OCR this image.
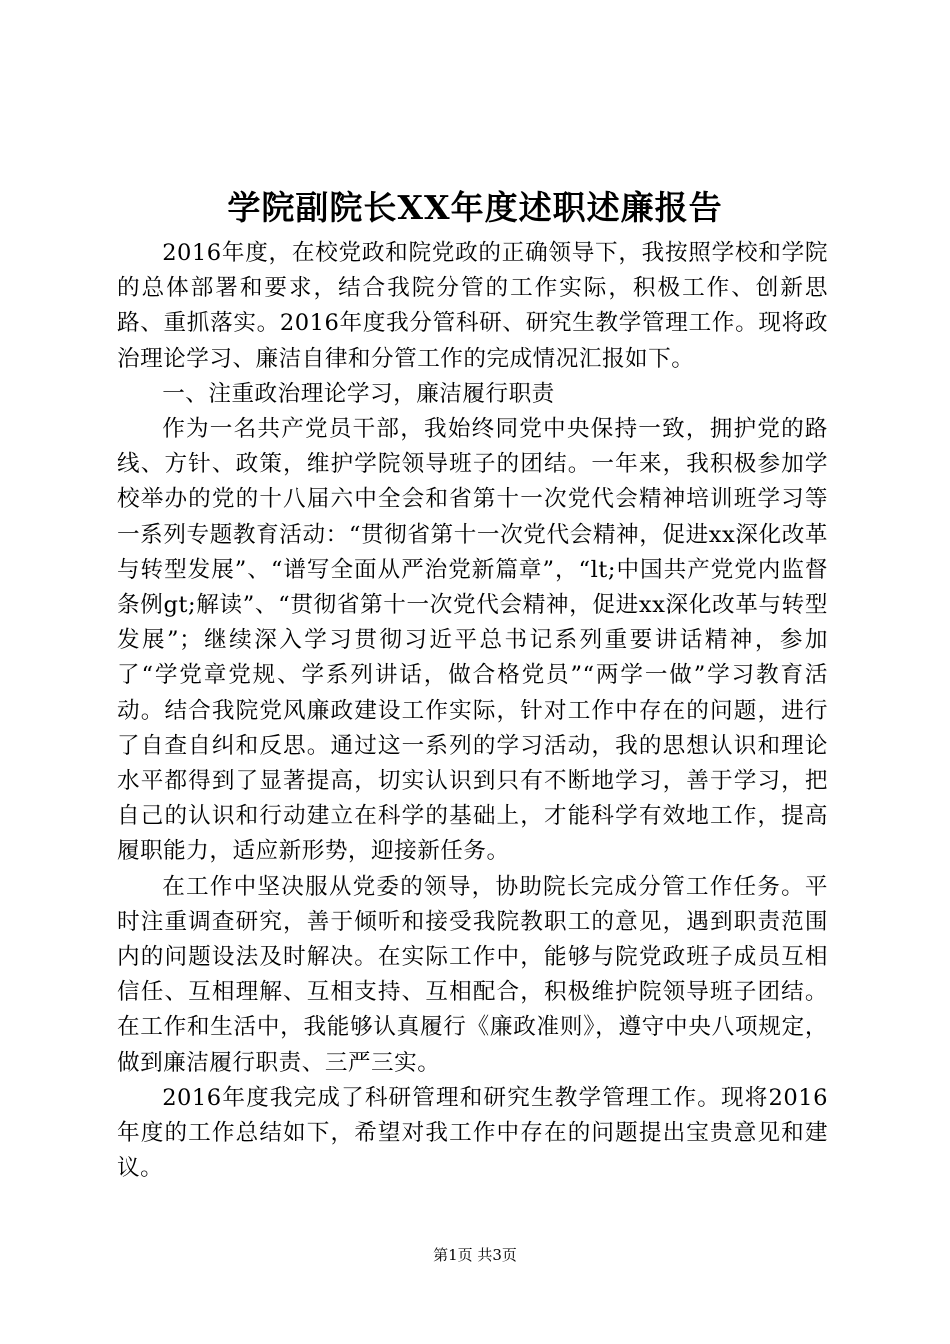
学院副院长XX年度述职述廉报告

2016年度，在校党政和院党政的正确领导下，我按照学校和学院的总体部署和要求，结合我院分管的工作实际，积极工作、创新思路、重抓落实。2016年度我分管科研、研究生教学管理工作。现将政治理论学习、廉洁自律和分管工作的完成情况汇报如下。

一、注重政治理论学习，廉洁履行职责

作为一名共产党员干部，我始终同党中央保持一致，拥护党的路线、方针、政策，维护学院领导班子的团结。一年来，我积极参加学校举办的党的十八届六中全会和省第十一次党代会精神培训班学习等一系列专题教育活动：“贯彻省第十一次党代会精神，促进xx深化改革与转型发展”、“谱写全面从严治党新篇章”，“lt;中国共产党党内监督条例gt;解读”、“贯彻省第十一次党代会精神，促进xx深化改革与转型发展”；继续深入学习贯彻习近平总书记系列重要讲话精神，参加了“学党章党规、学系列讲话，做合格党员”“两学一做”学习教育活动。结合我院党风廉政建设工作实际，针对工作中存在的问题，进行了自查自纠和反思。通过这一系列的学习活动，我的思想认识和理论水平都得到了显著提高，切实认识到只有不断地学习，善于学习，把自己的认识和行动建立在科学的基础上，才能科学有效地工作，提高履职能力，适应新形势，迎接新任务。

在工作中坚决服从党委的领导，协助院长完成分管工作任务。平时注重调查研究，善于倾听和接受我院教职工的意见，遇到职责范围内的问题设法及时解决。在实际工作中，能够与院党政班子成员互相信任、互相理解、互相支持、互相配合，积极维护院领导班子团结。在工作和生活中，我能够认真履行《廉政准则》，遵守中央八项规定，做到廉洁履行职责、三严三实。

2016年度我完成了科研管理和研究生教学管理工作。现将2016年度的工作总结如下，希望对我工作中存在的问题提出宝贵意见和建议。

第1页 共3页
